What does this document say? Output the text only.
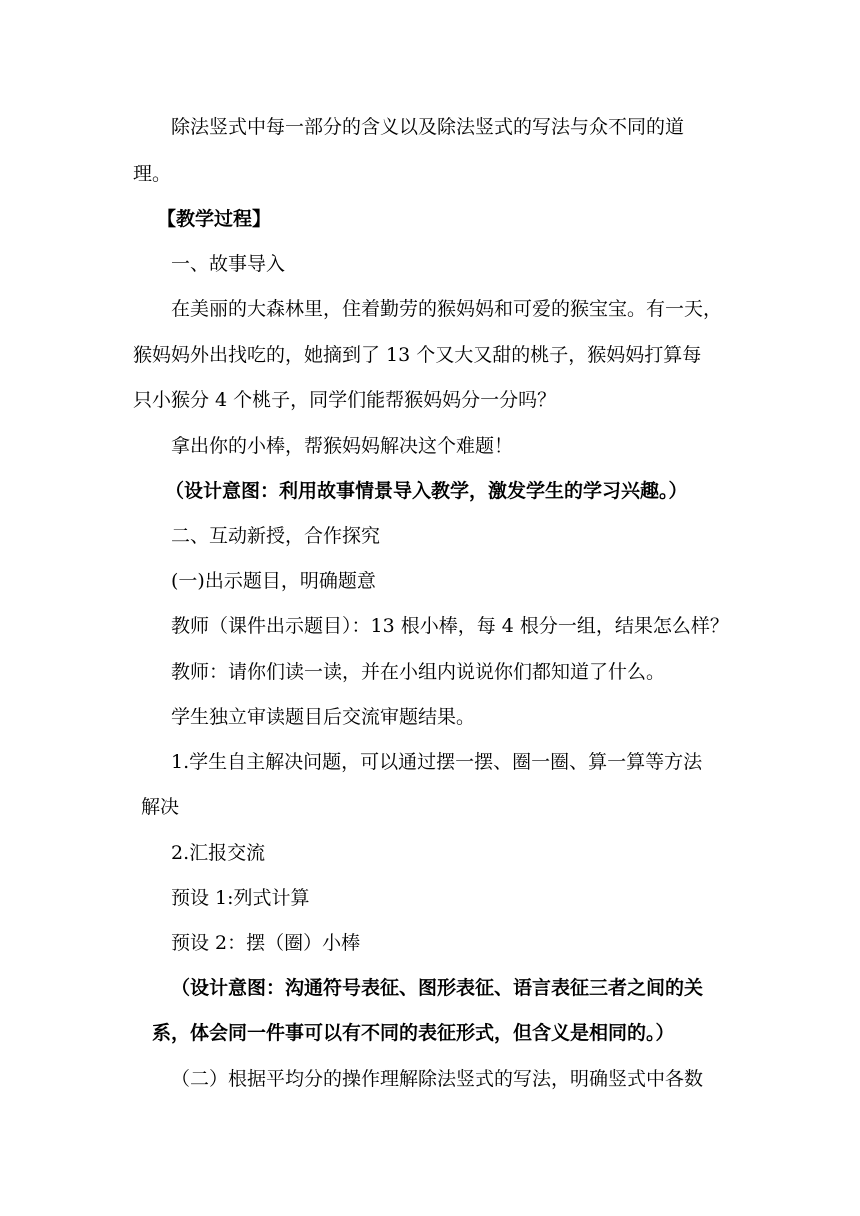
除法竖式中每一部分的含义以及除法竖式的写法与众不同的道
理。
【教学过程】
一、故事导入
在美丽的大森林里，住着勤劳的猴妈妈和可爱的猴宝宝。有一天，
猴妈妈外出找吃的，她摘到了 13 个又大又甜的桃子，猴妈妈打算每
只小猴分 4 个桃子，同学们能帮猴妈妈分一分吗？
拿出你的小棒，帮猴妈妈解决这个难题！
（设计意图：利用故事情景导入教学，激发学生的学习兴趣。）
二、互动新授，合作探究
(一)出示题目，明确题意
教师（课件出示题目）：13 根小棒，每 4 根分一组，结果怎么样？
教师：请你们读一读，并在小组内说说你们都知道了什么。
学生独立审读题目后交流审题结果。
1.学生自主解决问题，可以通过摆一摆、圈一圈、算一算等方法
解决
2.汇报交流
预设 1:列式计算
预设 2：摆（圈）小棒
（设计意图：沟通符号表征、图形表征、语言表征三者之间的关
系，体会同一件事可以有不同的表征形式，但含义是相同的。）
（二）根据平均分的操作理解除法竖式的写法，明确竖式中各数
